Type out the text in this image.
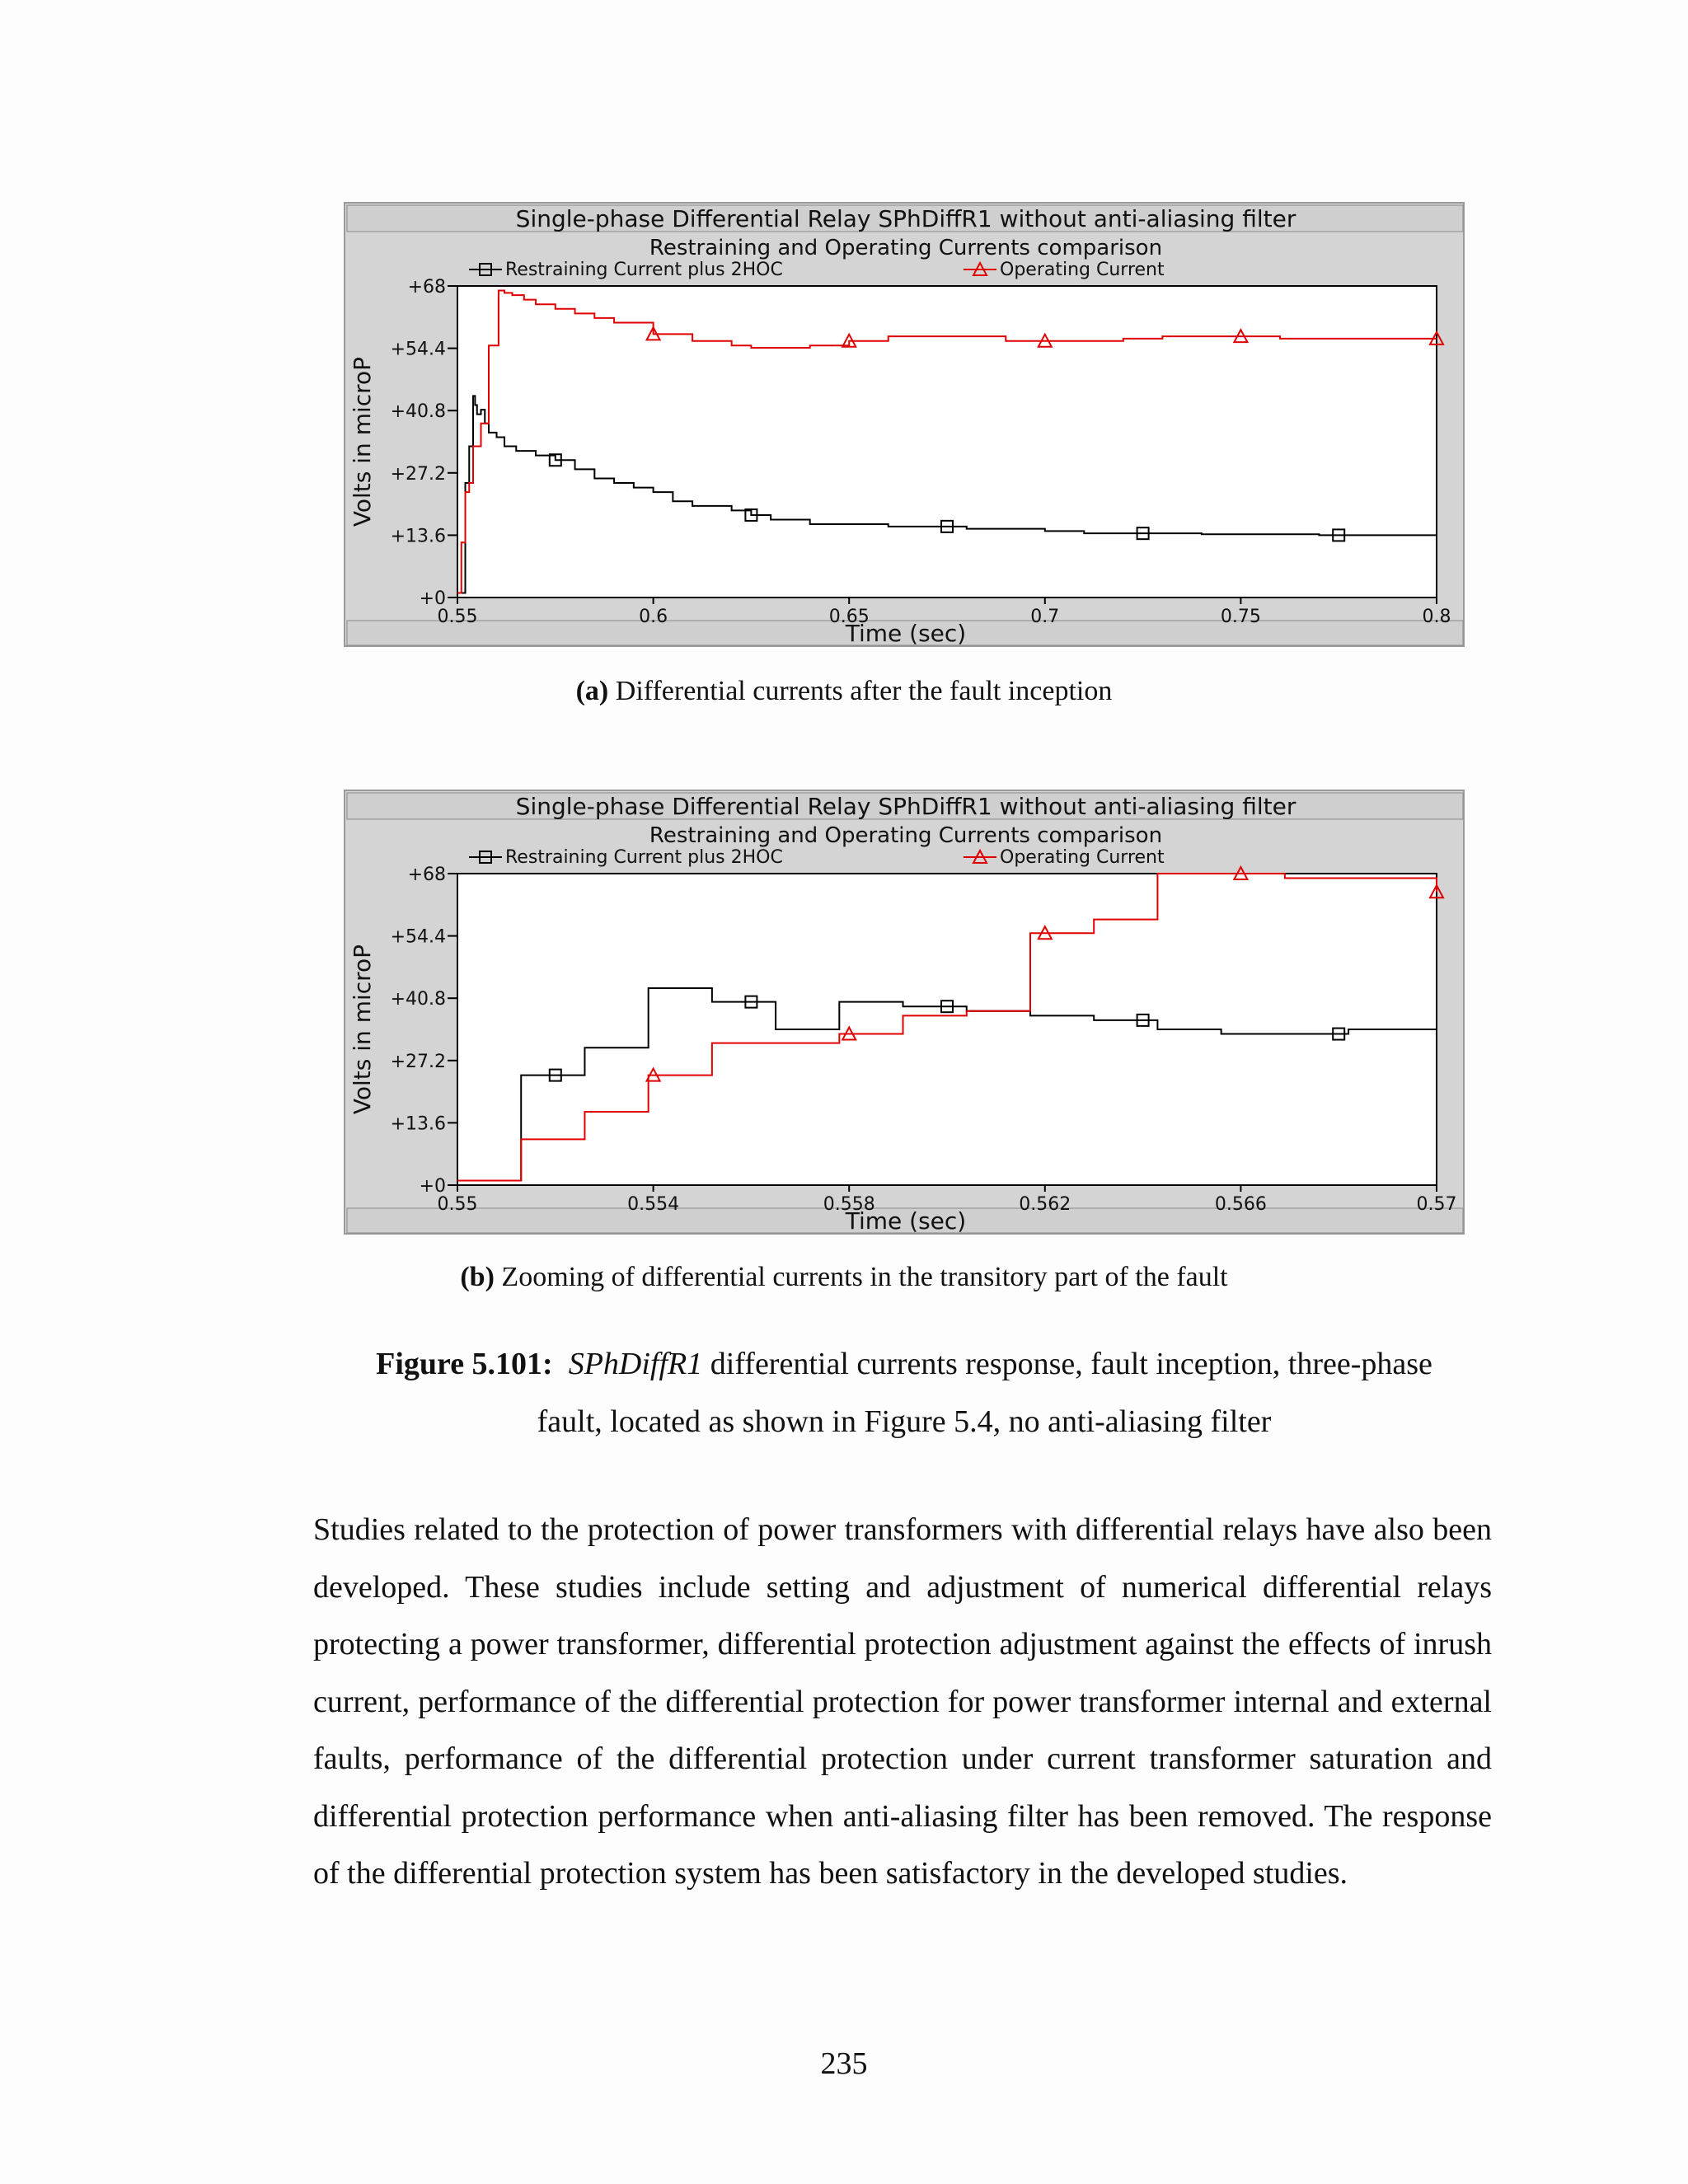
Single-phase Differential Relay SPhDiffR1 without anti-aliasing filter
Restraining and Operating Currents comparison
Time (sec)
Volts in microP
+0
+13.6
+27.2
+40.8
+54.4
+68
0.55	0.6	0.65	0.7	0.75	0.8
Restraining Current plus 2HOC	Operating Current
(a) Differential currents after the fault inception
Single-phase Differential Relay SPhDiffR1 without anti-aliasing filter
Restraining and Operating Currents comparison
Time (sec)
Volts in microP
+0
+13.6
+27.2
+40.8
+54.4
+68
0.55	0.554	0.558	0.562	0.566	0.57
Restraining Current plus 2HOC	Operating Current
(b) Zooming of differential currents in the transitory part of the fault
Figure 5.101: SPhDiffR1 differential currents response, fault inception, three-phase
fault, located as shown in Figure 5.4, no anti-aliasing filter
Studies related to the protection of power transformers with differential relays have also been developed. These studies include setting and adjustment of numerical differential relays protecting a power transformer, differential protection adjustment against the effects of inrush current, performance of the differential protection for power transformer internal and external faults, performance of the differential protection under current transformer saturation and differential protection performance when anti-aliasing filter has been removed. The response of the differential protection system has been satisfactory in the developed studies.
235
